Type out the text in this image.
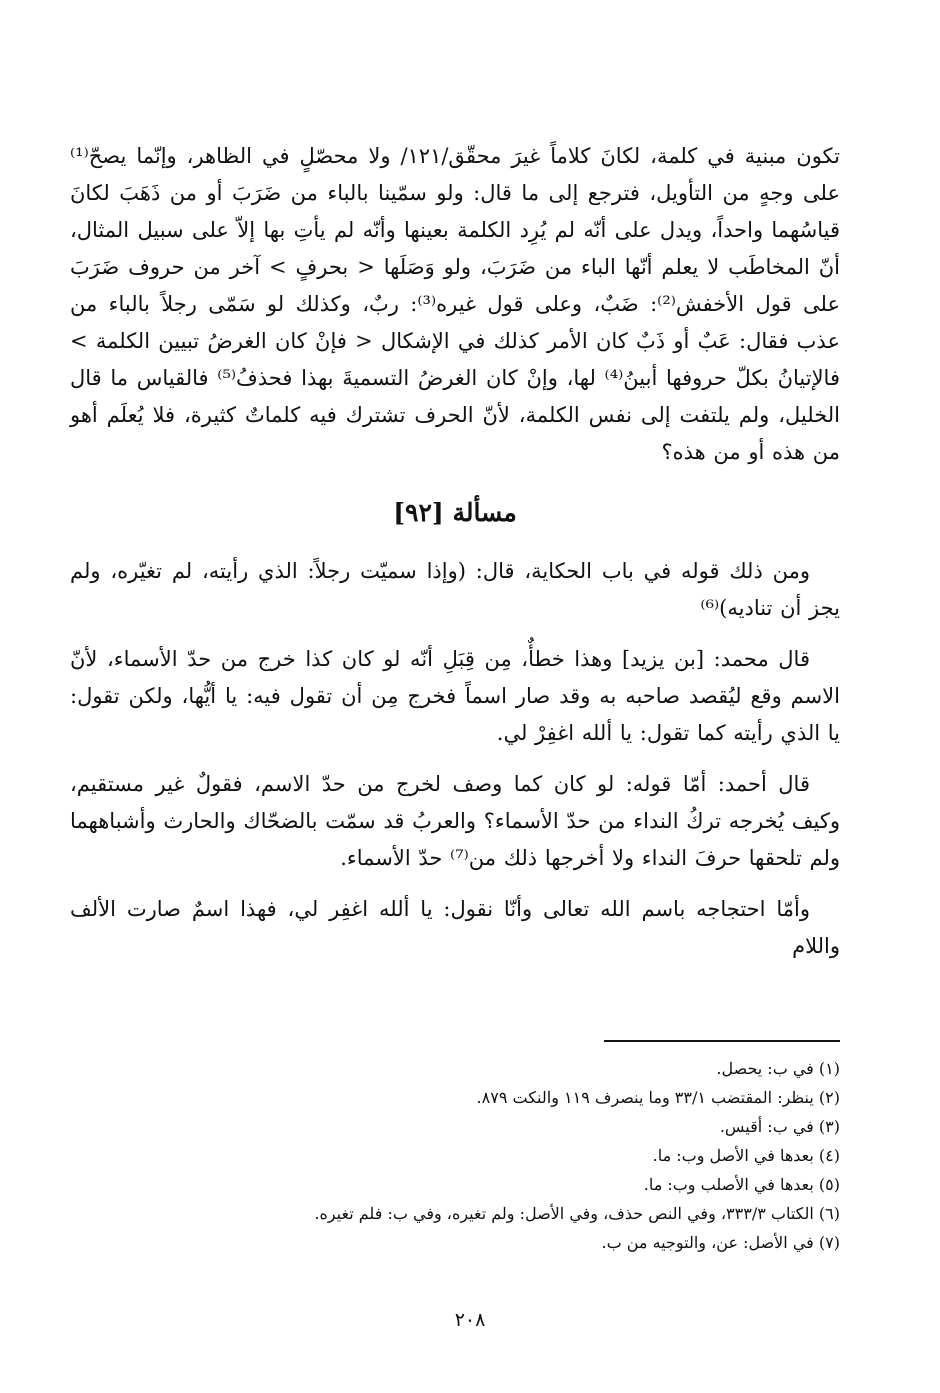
تكون مبنية في كلمة، لكانَ كلاماً غيرَ محقّق/١٢١/ ولا محصّلٍ في الظاهر، وإنّما يصحّ⁽¹⁾ على وجهٍ من التأويل، فترجع إلى ما قال: ولو سمّينا بالباء من ضَرَبَ أو من ذَهَبَ لكانَ قياسُهما واحداً، ويدل على أنّه لم يُرِد الكلمة بعينها وأنّه لم يأتِ بها إلاّ على سبيل المثال، أنّ المخاطَب لا يعلم أنّها الباء من ضَرَبَ، ولو وَصَلَها < بحرفٍ > آخر من حروف ضَرَبَ على قول الأخفش⁽²⁾: ضَبٌ، وعلى قول غيره⁽³⁾: ربٌ، وكذلك لو سَمّى رجلاً بالباء من عذب فقال: عَبٌ أو ذَبٌ كان الأمر كذلك في الإشكال < فإنْ كان الغرضُ تبيين الكلمة > فالإتيانُ بكلّ حروفها أبينُ⁽⁴⁾ لها، وإنْ كان الغرضُ التسميةَ بهذا فحذفُ⁽⁵⁾ فالقياس ما قال الخليل، ولم يلتفت إلى نفس الكلمة، لأنّ الحرف تشترك فيه كلماتٌ كثيرة، فلا يُعلَم أهو من هذه أو من هذه؟

مسألة [٩٢]

ومن ذلك قوله في باب الحكاية، قال: (وإذا سميّت رجلاً: الذي رأيته، لم تغيّره، ولم يجز أن تناديه)⁽⁶⁾

قال محمد: [بن يزيد] وهذا خطأٌ، مِن قِبَلِ أنّه لو كان كذا خرج من حدّ الأسماء، لأنّ الاسم وقع ليُقصد صاحبه به وقد صار اسماً فخرج مِن أن تقول فيه: يا أيُّها، ولكن تقول: يا الذي رأيته كما تقول: يا ألله اغفِرْ لي.

قال أحمد: أمّا قوله: لو كان كما وصف لخرج من حدّ الاسم، فقولٌ غير مستقيم، وكيف يُخرجه تركُ النداء من حدّ الأسماء؟ والعربُ قد سمّت بالضحّاك والحارث وأشباههما ولم تلحقها حرفَ النداء ولا أخرجها ذلك من⁽⁷⁾ حدّ الأسماء.

وأمّا احتجاجه باسم الله تعالى وأنّا نقول: يا ألله اغفِر لي، فهذا اسمٌ صارت الألف واللام

(١) في ب: يحصل.

(٢) ينظر: المقتضب ٣٣/١ وما ينصرف ١١٩ والنكت ٨٧٩.

(٣) في ب: أقيس.

(٤) بعدها في الأصل وب: ما.

(٥) بعدها في الأصلب وب: ما.

(٦) الكتاب ٣٣٣/٣، وفي النص حذف، وفي الأصل: ولم تغيره، وفي ب: فلم تغيره.

(٧) في الأصل: عن، والتوجيه من ب.

٢٠٨
